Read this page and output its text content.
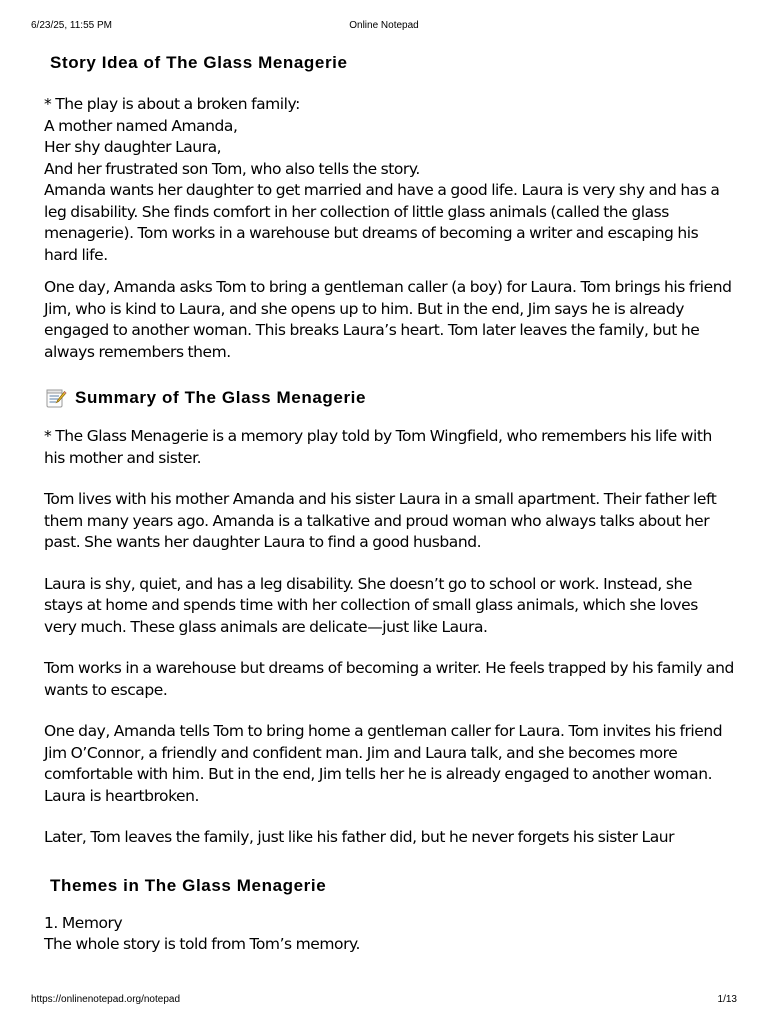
6/23/25, 11:55 PM	Online Notepad
Story Idea of The Glass Menagerie

* The play is about a broken family:

A mother named Amanda,

Her shy daughter Laura,

And her frustrated son Tom, who also tells the story.

Amanda wants her daughter to get married and have a good life. Laura is very shy and has a leg disability. She finds comfort in her collection of little glass animals (called the glass menagerie). Tom works in a warehouse but dreams of becoming a writer and escaping his hard life.

One day, Amanda asks Tom to bring a gentleman caller (a boy) for Laura. Tom brings his friend Jim, who is kind to Laura, and she opens up to him. But in the end, Jim says he is already engaged to another woman. This breaks Laura’s heart. Tom later leaves the family, but he always remembers them.

Summary of The Glass Menagerie

* The Glass Menagerie is a memory play told by Tom Wingfield, who remembers his life with his mother and sister.

Tom lives with his mother Amanda and his sister Laura in a small apartment. Their father left them many years ago. Amanda is a talkative and proud woman who always talks about her past. She wants her daughter Laura to find a good husband.

Laura is shy, quiet, and has a leg disability. She doesn’t go to school or work. Instead, she stays at home and spends time with her collection of small glass animals, which she loves very much. These glass animals are delicate—just like Laura.

Tom works in a warehouse but dreams of becoming a writer. He feels trapped by his family and wants to escape.

One day, Amanda tells Tom to bring home a gentleman caller for Laura. Tom invites his friend Jim O’Connor, a friendly and confident man. Jim and Laura talk, and she becomes more comfortable with him. But in the end, Jim tells her he is already engaged to another woman. Laura is heartbroken.

Later, Tom leaves the family, just like his father did, but he never forgets his sister Laur

Themes in The Glass Menagerie

1. Memory

The whole story is told from Tom’s memory.

https://onlinenotepad.org/notepad	1/13
